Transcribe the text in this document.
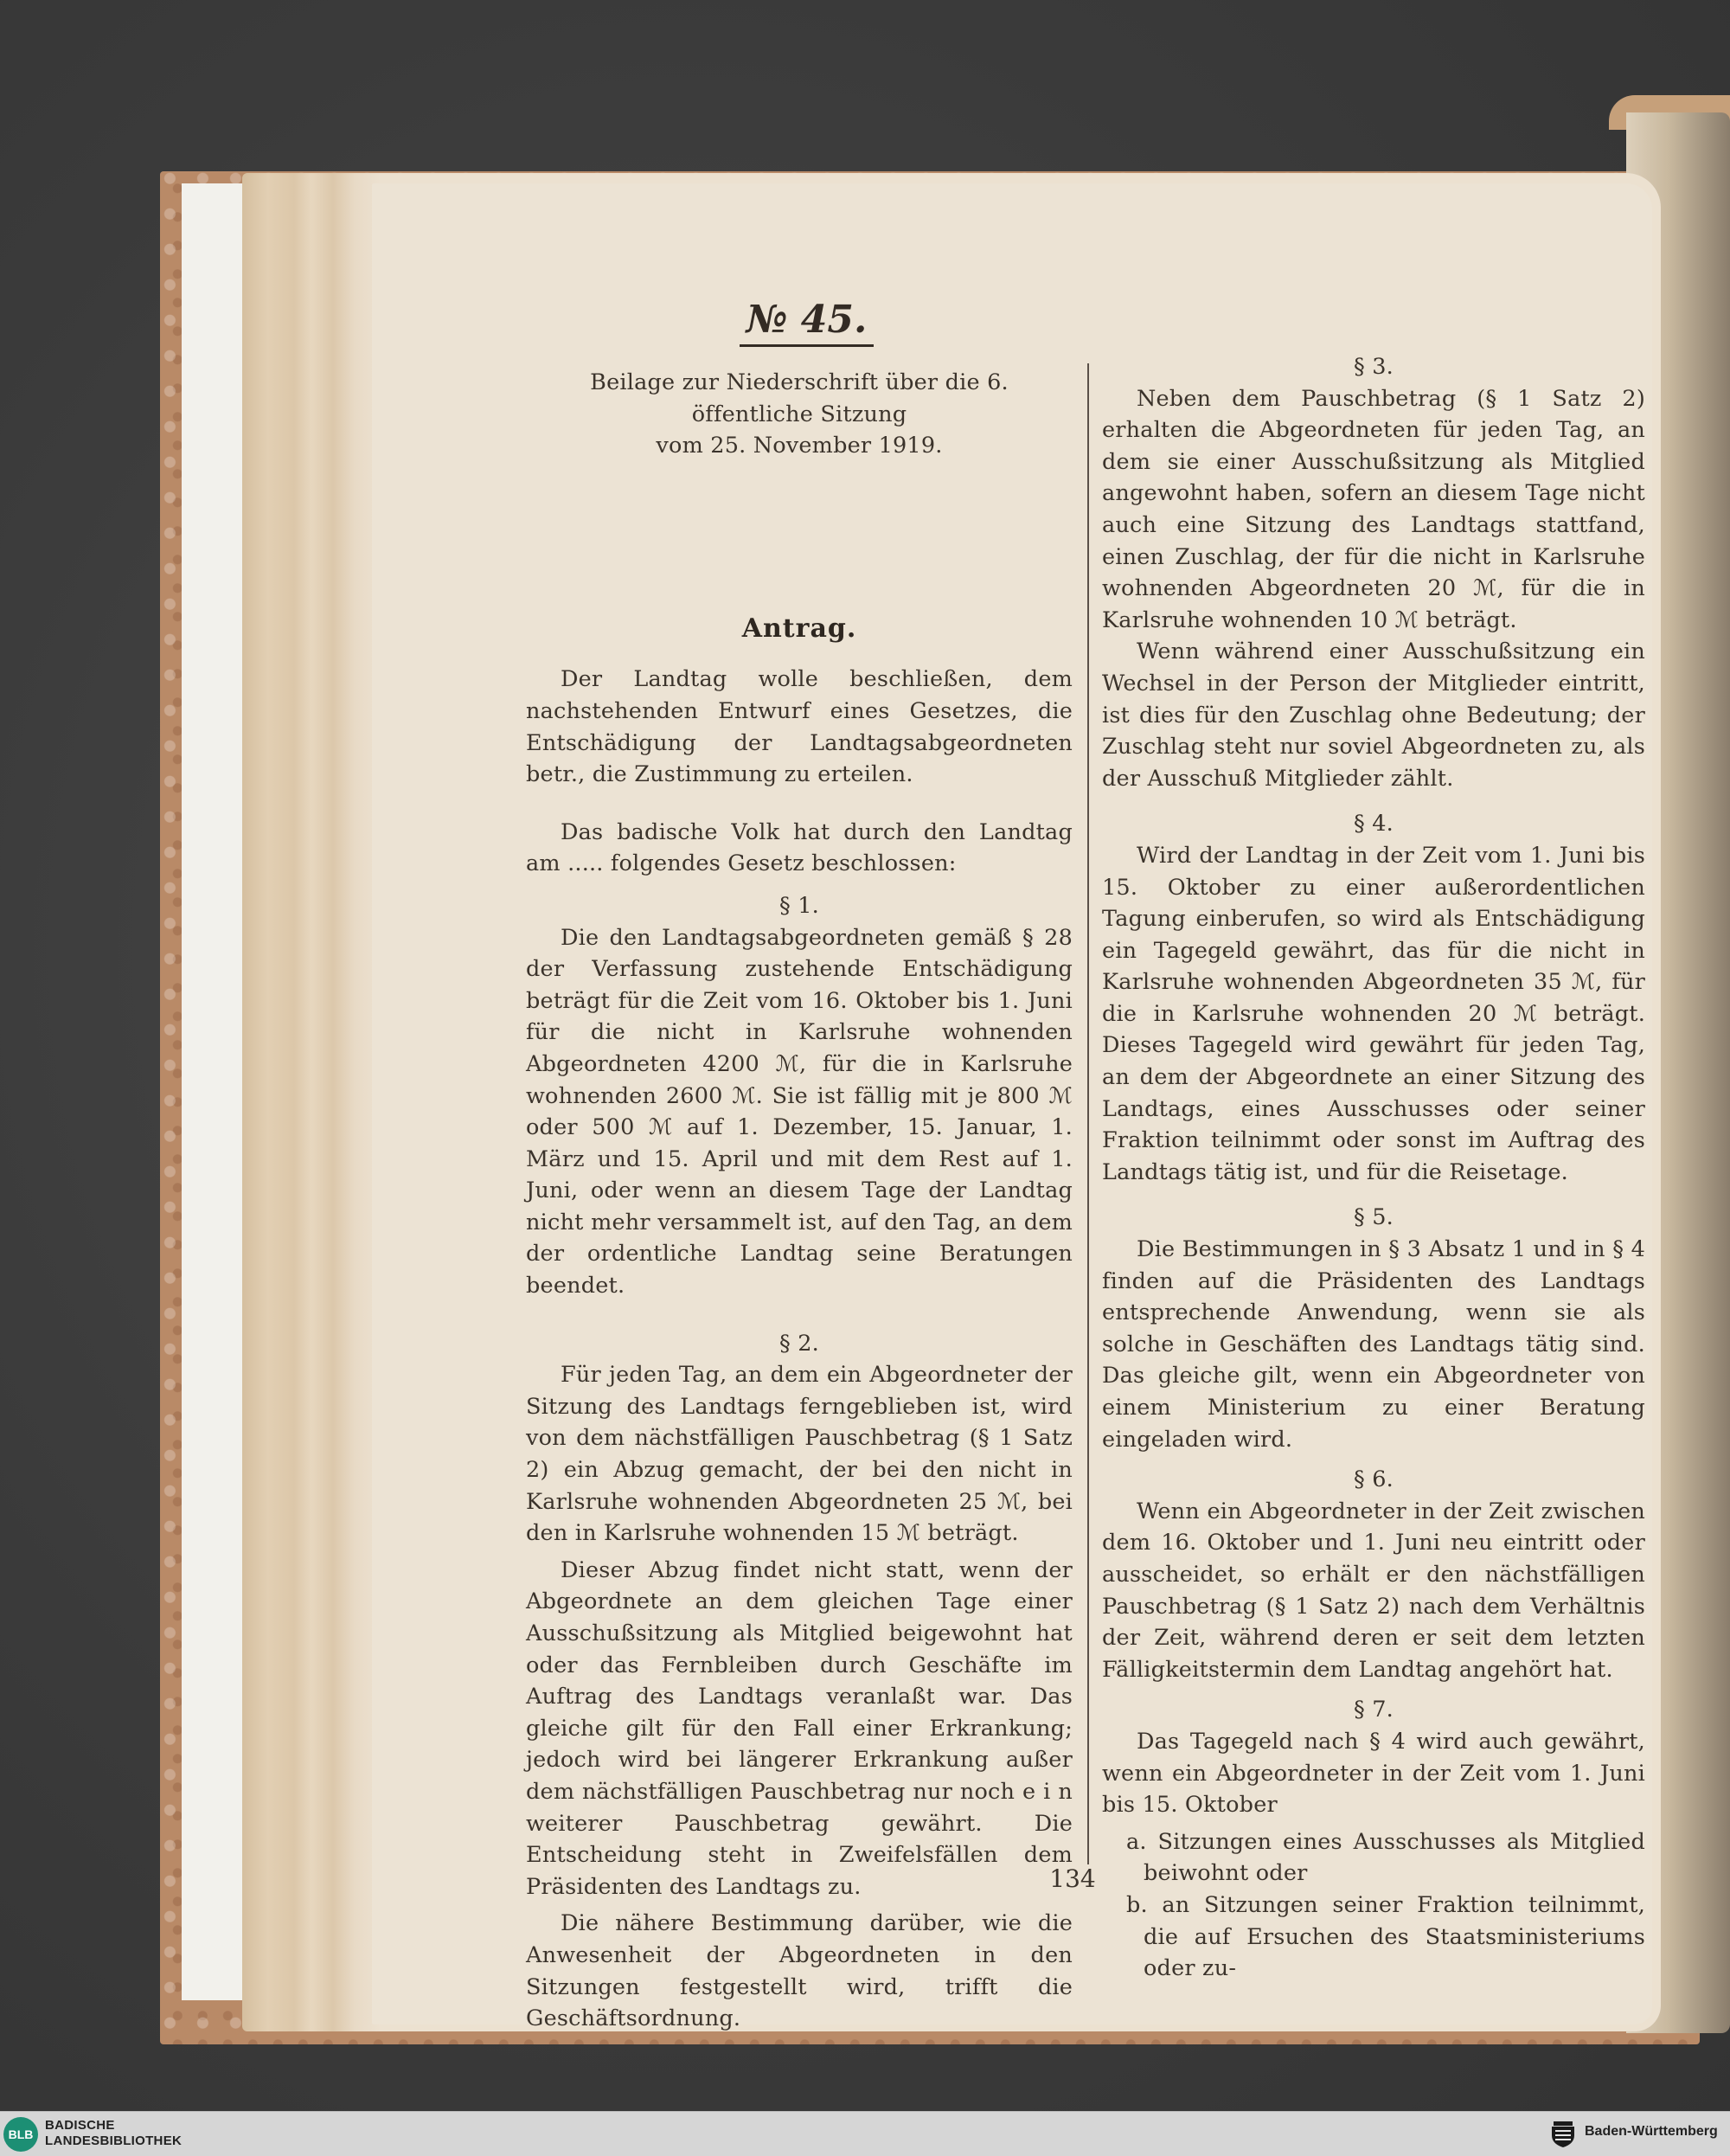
№ 45.

Beilage zur Niederschrift über die 6. öffentliche Sitzung

vom 25. November 1919.

Antrag.

Der Landtag wolle beschließen, dem nachstehenden Entwurf eines Gesetzes, die Entschädigung der Landtagsabgeordneten betr., die Zustimmung zu erteilen.

Das badische Volk hat durch den Landtag am ..... folgendes Gesetz beschlossen:

§ 1.

Die den Landtagsabgeordneten gemäß § 28 der Verfassung zustehende Entschädigung beträgt für die Zeit vom 16. Oktober bis 1. Juni für die nicht in Karlsruhe wohnenden Abgeordneten 4200 ℳ, für die in Karlsruhe wohnenden 2600 ℳ. Sie ist fällig mit je 800 ℳ oder 500 ℳ auf 1. Dezember, 15. Januar, 1. März und 15. April und mit dem Rest auf 1. Juni, oder wenn an diesem Tage der Landtag nicht mehr versammelt ist, auf den Tag, an dem der ordentliche Landtag seine Beratungen beendet.

§ 2.

Für jeden Tag, an dem ein Abgeordneter der Sitzung des Landtags ferngeblieben ist, wird von dem nächstfälligen Pauschbetrag (§ 1 Satz 2) ein Abzug gemacht, der bei den nicht in Karlsruhe wohnenden Abgeordneten 25 ℳ, bei den in Karlsruhe wohnenden 15 ℳ beträgt.

Dieser Abzug findet nicht statt, wenn der Abgeordnete an dem gleichen Tage einer Ausschußsitzung als Mitglied beigewohnt hat oder das Fernbleiben durch Geschäfte im Auftrag des Landtags veranlaßt war. Das gleiche gilt für den Fall einer Erkrankung; jedoch wird bei längerer Erkrankung außer dem nächstfälligen Pauschbetrag nur noch e i n weiterer Pauschbetrag gewährt. Die Entscheidung steht in Zweifelsfällen dem Präsidenten des Landtags zu.

Die nähere Bestimmung darüber, wie die Anwesenheit der Abgeordneten in den Sitzungen festgestellt wird, trifft die Geschäftsordnung.

§ 3.

Neben dem Pauschbetrag (§ 1 Satz 2) erhalten die Abgeordneten für jeden Tag, an dem sie einer Ausschußsitzung als Mitglied angewohnt haben, sofern an diesem Tage nicht auch eine Sitzung des Landtags stattfand, einen Zuschlag, der für die nicht in Karlsruhe wohnenden Abgeordneten 20 ℳ, für die in Karlsruhe wohnenden 10 ℳ beträgt.

Wenn während einer Ausschußsitzung ein Wechsel in der Person der Mitglieder eintritt, ist dies für den Zuschlag ohne Bedeutung; der Zuschlag steht nur soviel Abgeordneten zu, als der Ausschuß Mitglieder zählt.

§ 4.

Wird der Landtag in der Zeit vom 1. Juni bis 15. Oktober zu einer außerordentlichen Tagung einberufen, so wird als Entschädigung ein Tagegeld gewährt, das für die nicht in Karlsruhe wohnenden Abgeordneten 35 ℳ, für die in Karlsruhe wohnenden 20 ℳ beträgt. Dieses Tagegeld wird gewährt für jeden Tag, an dem der Abgeordnete an einer Sitzung des Landtags, eines Ausschusses oder seiner Fraktion teilnimmt oder sonst im Auftrag des Landtags tätig ist, und für die Reisetage.

§ 5.

Die Bestimmungen in § 3 Absatz 1 und in § 4 finden auf die Präsidenten des Landtags entsprechende Anwendung, wenn sie als solche in Geschäften des Landtags tätig sind. Das gleiche gilt, wenn ein Abgeordneter von einem Ministerium zu einer Beratung eingeladen wird.

§ 6.

Wenn ein Abgeordneter in der Zeit zwischen dem 16. Oktober und 1. Juni neu eintritt oder ausscheidet, so erhält er den nächstfälligen Pauschbetrag (§ 1 Satz 2) nach dem Verhältnis der Zeit, während deren er seit dem letzten Fälligkeitstermin dem Landtag angehört hat.

§ 7.

Das Tagegeld nach § 4 wird auch gewährt, wenn ein Abgeordneter in der Zeit vom 1. Juni bis 15. Oktober

a. Sitzungen eines Ausschusses als Mitglied beiwohnt oder

b. an Sitzungen seiner Fraktion teilnimmt, die auf Ersuchen des Staatsministeriums oder zu-

134
BLB
BADISCHE
LANDESBIBLIOTHEK
Baden-Württemberg
